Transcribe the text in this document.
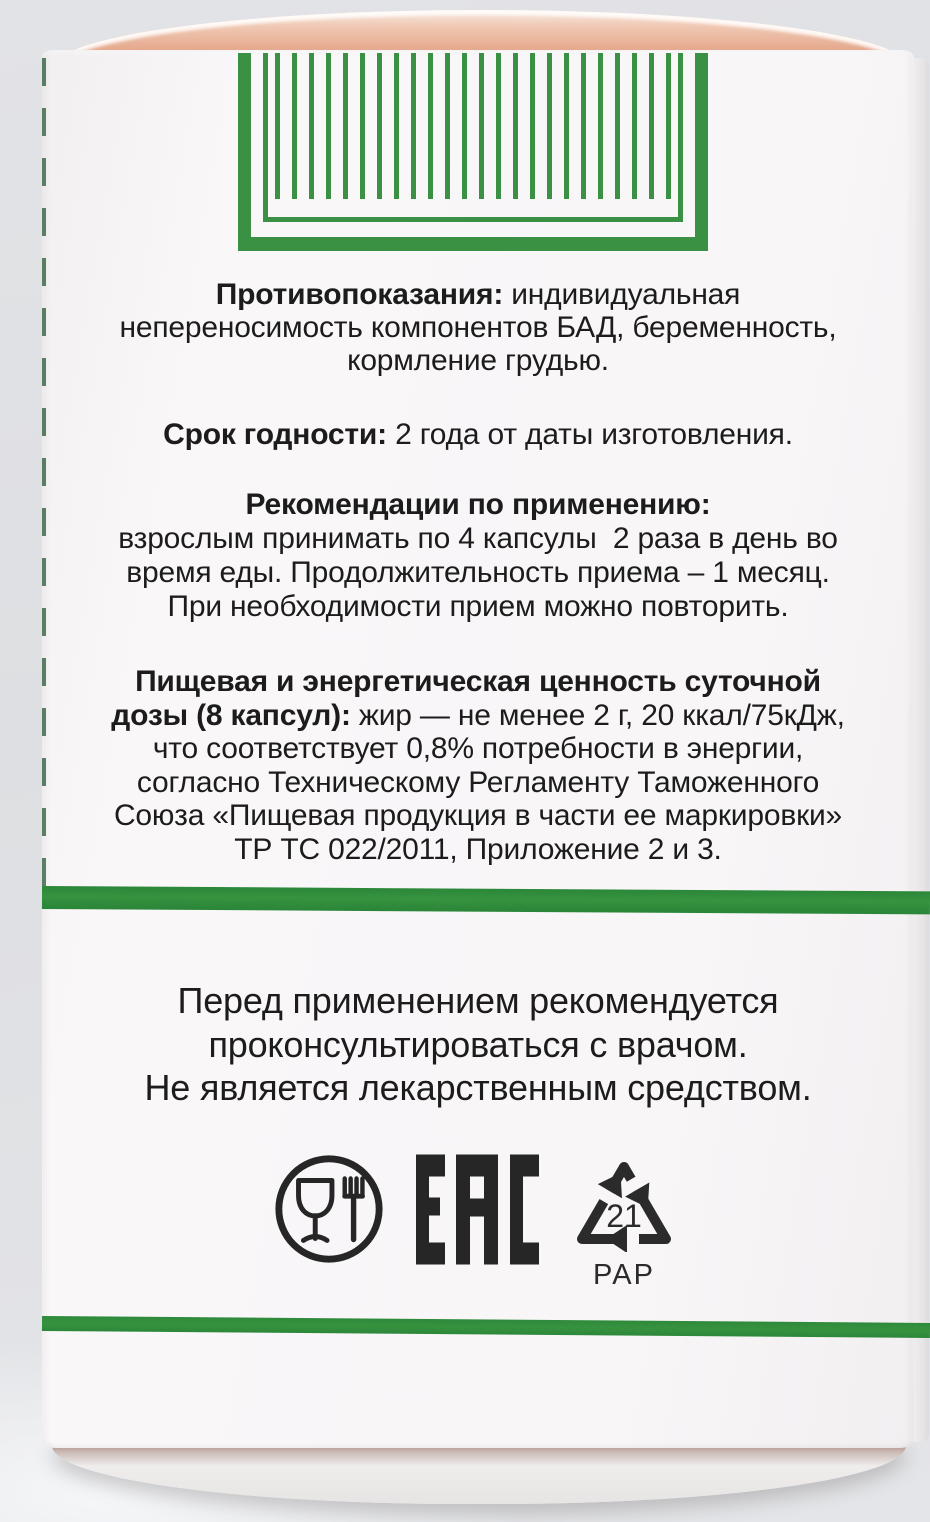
Противопоказания: индивидуальная
непереносимость компонентов БАД, беременность,
кормление грудью.
Срок годности: 2 года от даты изготовления.
Рекомендации по применению:
взрослым принимать по 4 капсулы  2 раза в день во
время еды. Продолжительность приема – 1 месяц.
При необходимости прием можно повторить.
Пищевая и энергетическая ценность суточной
дозы (8 капсул): жир — не менее 2 г, 20 ккал/75кДж,
что соответствует 0,8% потребности в энергии,
согласно Техническому Регламенту Таможенного
Союза «Пищевая продукция в части ее маркировки»
ТР ТС 022/2011, Приложение 2 и 3.
Перед применением рекомендуется
проконсультироваться с врачом.
Не является лекарственным средством.
21
PAP
